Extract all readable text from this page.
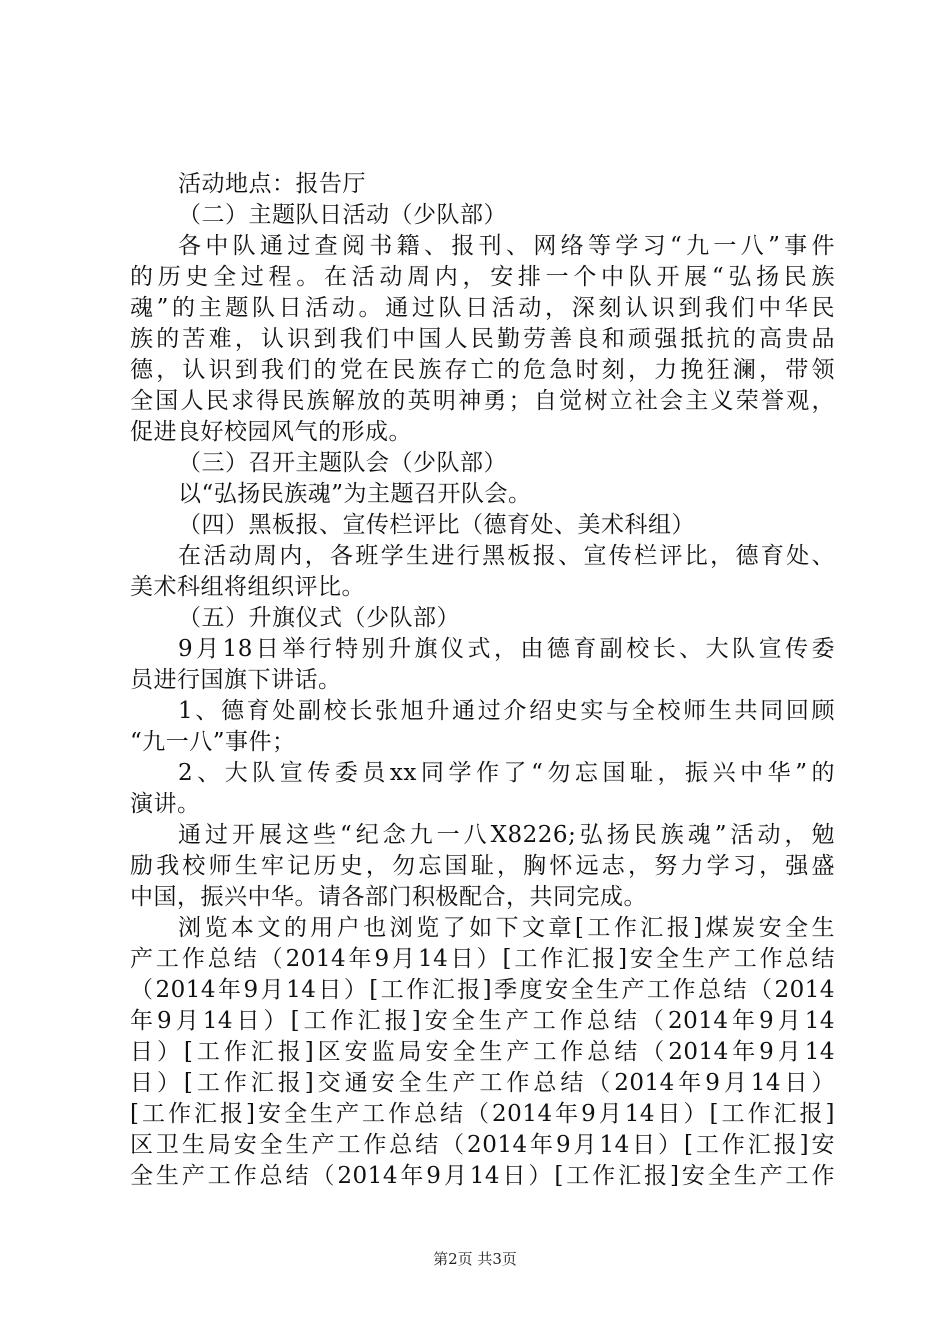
活动地点：报告厅
（二）主题队日活动（少队部）
各中队通过查阅书籍、报刊、网络等学习“九一八”事件
的历史全过程。在活动周内，安排一个中队开展“弘扬民族
魂”的主题队日活动。通过队日活动，深刻认识到我们中华民
族的苦难，认识到我们中国人民勤劳善良和顽强抵抗的高贵品
德，认识到我们的党在民族存亡的危急时刻，力挽狂澜，带领
全国人民求得民族解放的英明神勇；自觉树立社会主义荣誉观，
促进良好校园风气的形成。
（三）召开主题队会（少队部）
以“弘扬民族魂”为主题召开队会。
（四）黑板报、宣传栏评比（德育处、美术科组）
在活动周内，各班学生进行黑板报、宣传栏评比，德育处、
美术科组将组织评比。
（五）升旗仪式（少队部）
9月18日举行特别升旗仪式，由德育副校长、大队宣传委
员进行国旗下讲话。
1、德育处副校长张旭升通过介绍史实与全校师生共同回顾
“九一八”事件；
2、大队宣传委员xx同学作了“勿忘国耻，振兴中华”的
演讲。
通过开展这些“纪念九一八X8226;弘扬民族魂”活动，勉
励我校师生牢记历史，勿忘国耻，胸怀远志，努力学习，强盛
中国，振兴中华。请各部门积极配合，共同完成。
浏览本文的用户也浏览了如下文章[工作汇报]煤炭安全生
产工作总结（2014年9月14日）[工作汇报]安全生产工作总结
（2014年9月14日）[工作汇报]季度安全生产工作总结（2014
年9月14日）[工作汇报]安全生产工作总结（2014年9月14
日）[工作汇报]区安监局安全生产工作总结（2014年9月14
日）[工作汇报]交通安全生产工作总结（2014年9月14日）
[工作汇报]安全生产工作总结（2014年9月14日）[工作汇报]
区卫生局安全生产工作总结（2014年9月14日）[工作汇报]安
全生产工作总结（2014年9月14日）[工作汇报]安全生产工作
第2页 共3页
